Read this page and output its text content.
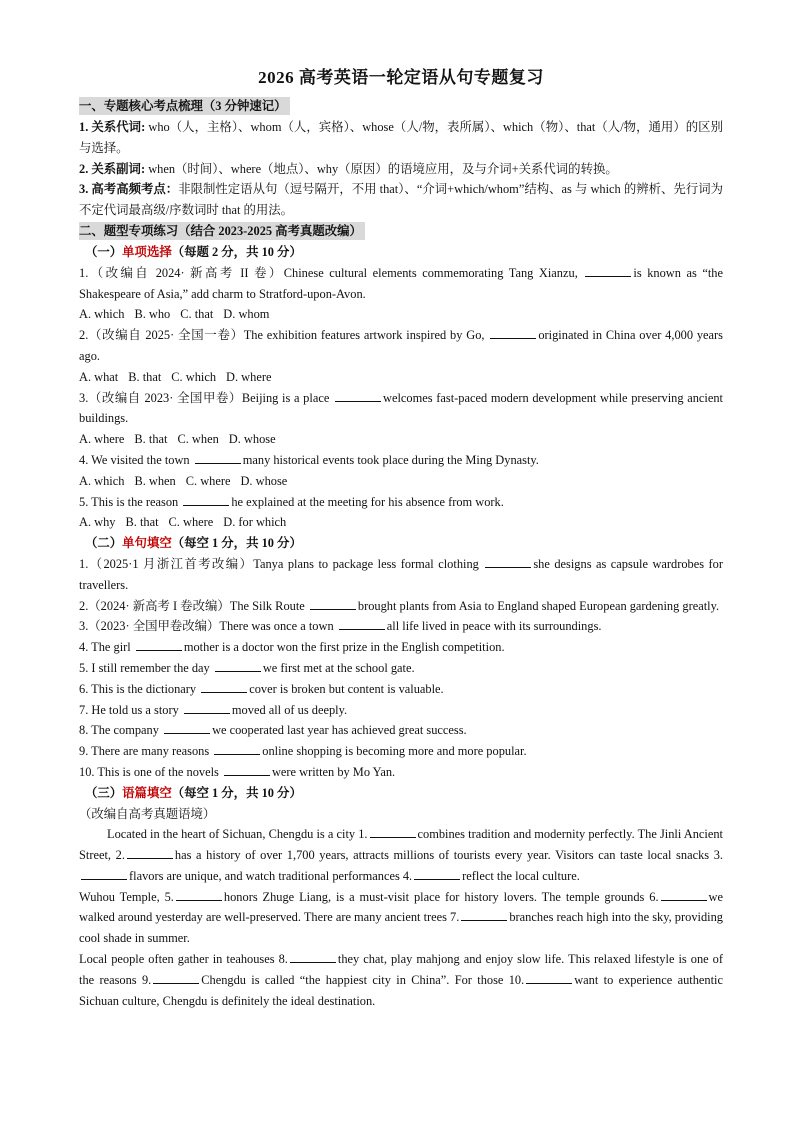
2026 高考英语一轮定语从句专题复习

一、专题核心考点梳理（3 分钟速记）

1. 关系代词: who（人，主格）、whom（人，宾格）、whose（人/物，表所属）、which（物）、that（人/物，通用）的区别与选择。

2. 关系副词: when（时间）、where（地点）、why（原因）的语境应用，及与介词+关系代词的转换。

3. 高考高频考点：非限制性定语从句（逗号隔开，不用 that）、“介词+which/whom”结构、as 与 which 的辨析、先行词为不定代词最高级/序数词时 that 的用法。

二、题型专项练习（结合 2023-2025 高考真题改编）

（一）单项选择（每题 2 分，共 10 分）

1.（改编自 2024· 新高考 II 卷）Chinese cultural elements commemorating Tang Xianzu,	is known as “the Shakespeare of Asia,” add charm to Stratford-upon-Avon.

A. which B. who C. that D. whom

2.（改编自 2025· 全国一卷）The exhibition features artwork inspired by Go,	originated in China over 4,000 years ago.

A. what B. that C. which D. where

3.（改编自 2023· 全国甲卷）Beijing is a place	welcomes fast-paced modern development while preserving ancient buildings.

A. where B. that C. when D. whose

4. We visited the town	many historical events took place during the Ming Dynasty.

A. which B. when C. where D. whose

5. This is the reason	he explained at the meeting for his absence from work.

A. why B. that C. where D. for which

（二）单句填空（每空 1 分，共 10 分）

1.（2025·1 月浙江首考改编）Tanya plans to package less formal clothing	she designs as capsule wardrobes for travellers.

2.（2024· 新高考 I 卷改编）The Silk Route	brought plants from Asia to England shaped European gardening greatly.

3.（2023· 全国甲卷改编）There was once a town	all life lived in peace with its surroundings.

4. The girl	mother is a doctor won the first prize in the English competition.

5. I still remember the day	we first met at the school gate.

6. This is the dictionary	cover is broken but content is valuable.

7. He told us a story	moved all of us deeply.

8. The company	we cooperated last year has achieved great success.

9. There are many reasons	online shopping is becoming more and more popular.

10. This is one of the novels	were written by Mo Yan.

（三）语篇填空（每空 1 分，共 10 分）

（改编自高考真题语境）

Located in the heart of Sichuan, Chengdu is a city 1.	combines tradition and modernity perfectly. The Jinli Ancient Street, 2.	has a history of over 1,700 years, attracts millions of tourists every year. Visitors can taste local snacks 3.flavors are unique, and watch traditional performances 4.	reflect the local culture.

Wuhou Temple, 5.	honors Zhuge Liang, is a must-visit place for history lovers. The temple grounds 6.	we walked around yesterday are well-preserved. There are many ancient trees 7.	branches reach high into the sky, providing cool shade in summer.

Local people often gather in teahouses 8.	they chat, play mahjong and enjoy slow life. This relaxed lifestyle is one of the reasons 9.	Chengdu is called “the happiest city in China”. For those 10.	want to experience authentic Sichuan culture, Chengdu is definitely the ideal destination.
